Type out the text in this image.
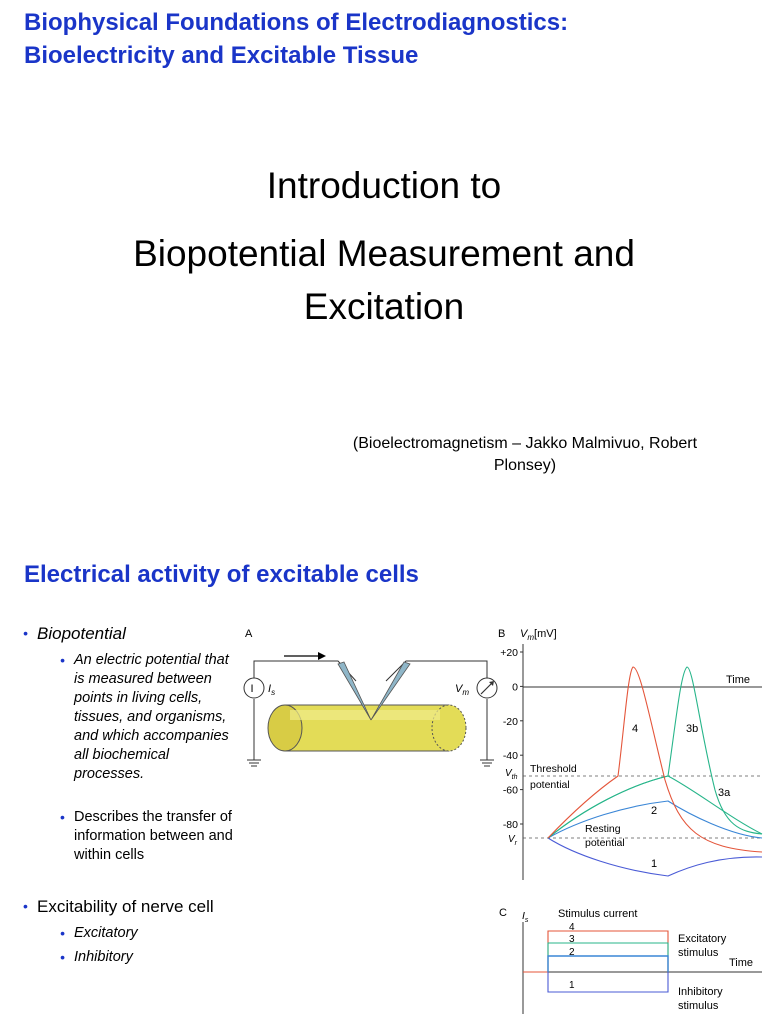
Biophysical Foundations of Electrodiagnostics:
Bioelectricity and Excitable Tissue
Introduction to
Biopotential Measurement and
Excitation
(Bioelectromagnetism – Jakko Malmivuo, Robert
Plonsey)
Electrical activity of excitable cells
• Biopotential
• An electric potential that is measured between points in living cells, tissues, and organisms, and which accompanies all biochemical processes.
• Describes the transfer of information between and within cells
• Excitability of nerve cell
• Excitatory
• Inhibitory
A
I $I_s$	$V_m$
B $V_m[mV]$
Time
+20
0
-20
-40
-60
-80
Threshold
potential
$V_{th}$
$V_r$
Resting
potential
4	3b
3a
2
1
C $I_s$
Stimulus current
Time
4
3
2
1
Excitatory
stimulus
Inhibitory
stimulus
